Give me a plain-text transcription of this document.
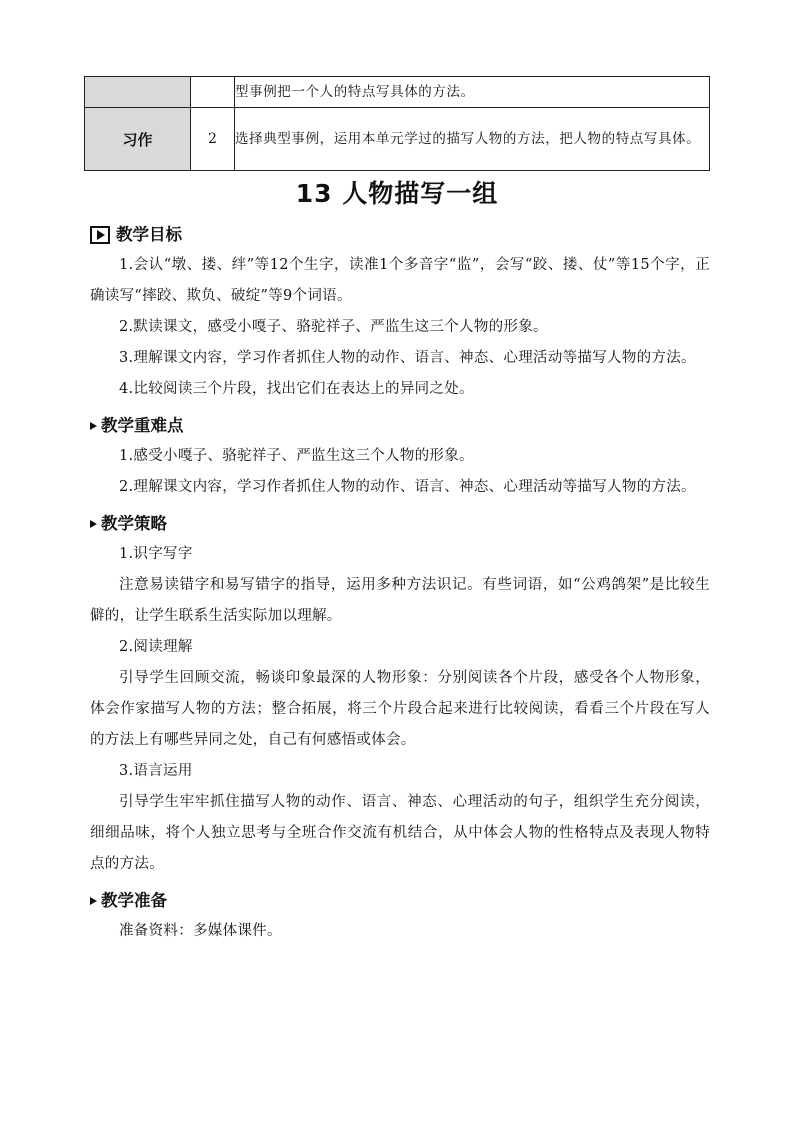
		型事例把一个人的特点写具体的方法。
习作	2	选择典型事例，运用本单元学过的描写人物的方法，把人物的特点写具体。
13 人物描写一组
教学目标

1.会认“墩、搂、绊”等12个生字，读准1个多音字“监”，会写“跤、搂、仗”等15个字，正确读写“摔跤、欺负、破绽”等9个词语。

2.默读课文，感受小嘎子、骆驼祥子、严监生这三个人物的形象。

3.理解课文内容，学习作者抓住人物的动作、语言、神态、心理活动等描写人物的方法。

4.比较阅读三个片段，找出它们在表达上的异同之处。

教学重难点

1.感受小嘎子、骆驼祥子、严监生这三个人物的形象。

2.理解课文内容，学习作者抓住人物的动作、语言、神态、心理活动等描写人物的方法。

教学策略

1.识字写字

注意易读错字和易写错字的指导，运用多种方法识记。有些词语，如“公鸡鸽架”是比较生僻的，让学生联系生活实际加以理解。

2.阅读理解

引导学生回顾交流，畅谈印象最深的人物形象：分别阅读各个片段，感受各个人物形象，体会作家描写人物的方法；整合拓展，将三个片段合起来进行比较阅读，看看三个片段在写人的方法上有哪些异同之处，自己有何感悟或体会。

3.语言运用

引导学生牢牢抓住描写人物的动作、语言、神态、心理活动的句子，组织学生充分阅读，细细品味，将个人独立思考与全班合作交流有机结合，从中体会人物的性格特点及表现人物特点的方法。

教学准备

准备资料：多媒体课件。
